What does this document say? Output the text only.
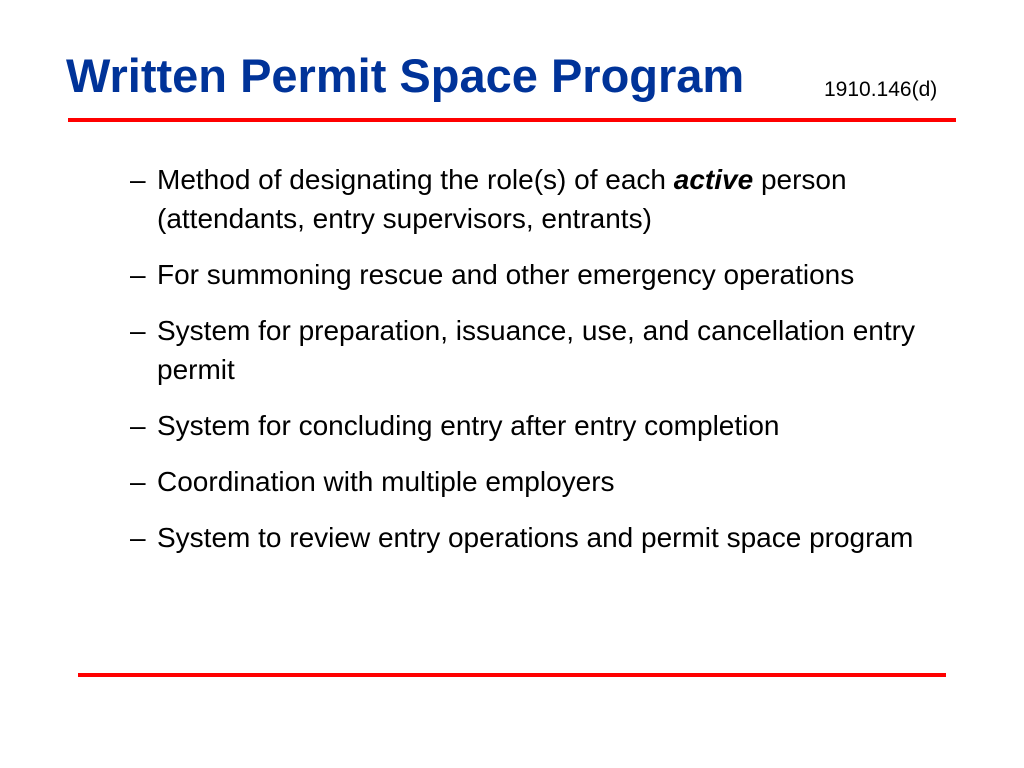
Written Permit Space Program	1910.146(d)
– Method of designating the role(s) of each active person (attendants, entry supervisors, entrants)
– For summoning rescue and other emergency operations
– System for preparation, issuance, use, and cancellation entry permit
– System for concluding entry after entry completion
– Coordination with multiple employers
– System to review entry operations and permit space program
